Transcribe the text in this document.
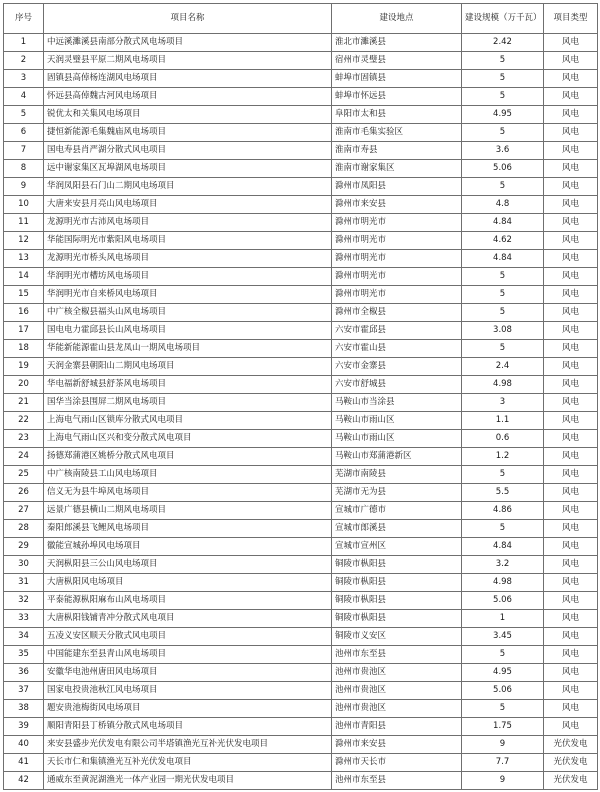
序号	项目名称	建设地点	建设规模（万千瓦）	项目类型
1	中远溪濉溪县南部分散式风电场项目	淮北市濉溪县	2.42	风电
2	天润灵璧县平原二期风电场项目	宿州市灵璧县	5	风电
3	固镇县高倬杨连湖风电场项目	蚌埠市固镇县	5	风电
4	怀远县高倬魏古河风电场项目	蚌埠市怀远县	5	风电
5	锐优太和关集风电场项目	阜阳市太和县	4.95	风电
6	捷恒新能源毛集魏庙风电场项目	淮南市毛集实验区	5	风电
7	国电寿县肖严湖分散式风电项目	淮南市寿县	3.6	风电
8	远中谢家集区瓦埠湖风电场项目	淮南市谢家集区	5.06	风电
9	华润凤阳县石门山二期风电场项目	滁州市凤阳县	5	风电
10	大唐来安县月亮山风电场项目	滁州市来安县	4.8	风电
11	龙源明光市古沛风电场项目	滁州市明光市	4.84	风电
12	华能国际明光市紫阳风电场项目	滁州市明光市	4.62	风电
13	龙源明光市桥头风电场项目	滁州市明光市	4.84	风电
14	华润明光市槽坊风电场项目	滁州市明光市	5	风电
15	华润明光市自来桥风电场项目	滁州市明光市	5	风电
16	中广核全椒县福头山风电场项目	滁州市全椒县	5	风电
17	国电电力霍邱县长山风电场项目	六安市霍邱县	3.08	风电
18	华能新能源霍山县龙凤山一期风电场项目	六安市霍山县	5	风电
19	天润金寨县朝阳山二期风电场项目	六安市金寨县	2.4	风电
20	华电福新舒城县舒茶风电场项目	六安市舒城县	4.98	风电
21	国华当涂县围屏二期风电场项目	马鞍山市当涂县	3	风电
22	上海电气雨山区锁库分散式风电项目	马鞍山市雨山区	1.1	风电
23	上海电气雨山区兴和变分散式风电项目	马鞍山市雨山区	0.6	风电
24	扬德郑蒲港区姚桥分散式风电项目	马鞍山市郑蒲港新区	1.2	风电
25	中广核南陵县工山风电场项目	芜湖市南陵县	5	风电
26	信义无为县牛埠风电场项目	芜湖市无为县	5.5	风电
27	远景广德县横山二期风电场项目	宣城市广德市	4.86	风电
28	秦阳郎溪县飞鲤风电场项目	宣城市郎溪县	5	风电
29	徽能宣城孙埠风电场项目	宣城市宣州区	4.84	风电
30	天润枞阳县三公山风电场项目	铜陵市枞阳县	3.2	风电
31	大唐枞阳风电场项目	铜陵市枞阳县	4.98	风电
32	平泰能源枞阳麻布山风电场项目	铜陵市枞阳县	5.06	风电
33	大唐枞阳钱铺青冲分散式风电项目	铜陵市枞阳县	1	风电
34	五凌义安区顺天分散式风电项目	铜陵市义安区	3.45	风电
35	中国能建东至县青山风电场项目	池州市东至县	5	风电
36	安徽华电池州唐田风电场项目	池州市贵池区	4.95	风电
37	国家电投贵池秋江风电场项目	池州市贵池区	5.06	风电
38	题安贵池梅街风电场项目	池州市贵池区	5	风电
39	顺阳青阳县丁桥镇分散式风电场项目	池州市青阳县	1.75	风电
40	来安县盛步光伏发电有限公司半塔镇渔光互补光伏发电项目	滁州市来安县	9	光伏发电
41	天长市仁和集镇渔光互补光伏发电项目	滁州市天长市	7.7	光伏发电
42	通威东至黄泥湖渔光一体产业园一期光伏发电项目	池州市东至县	9	光伏发电
